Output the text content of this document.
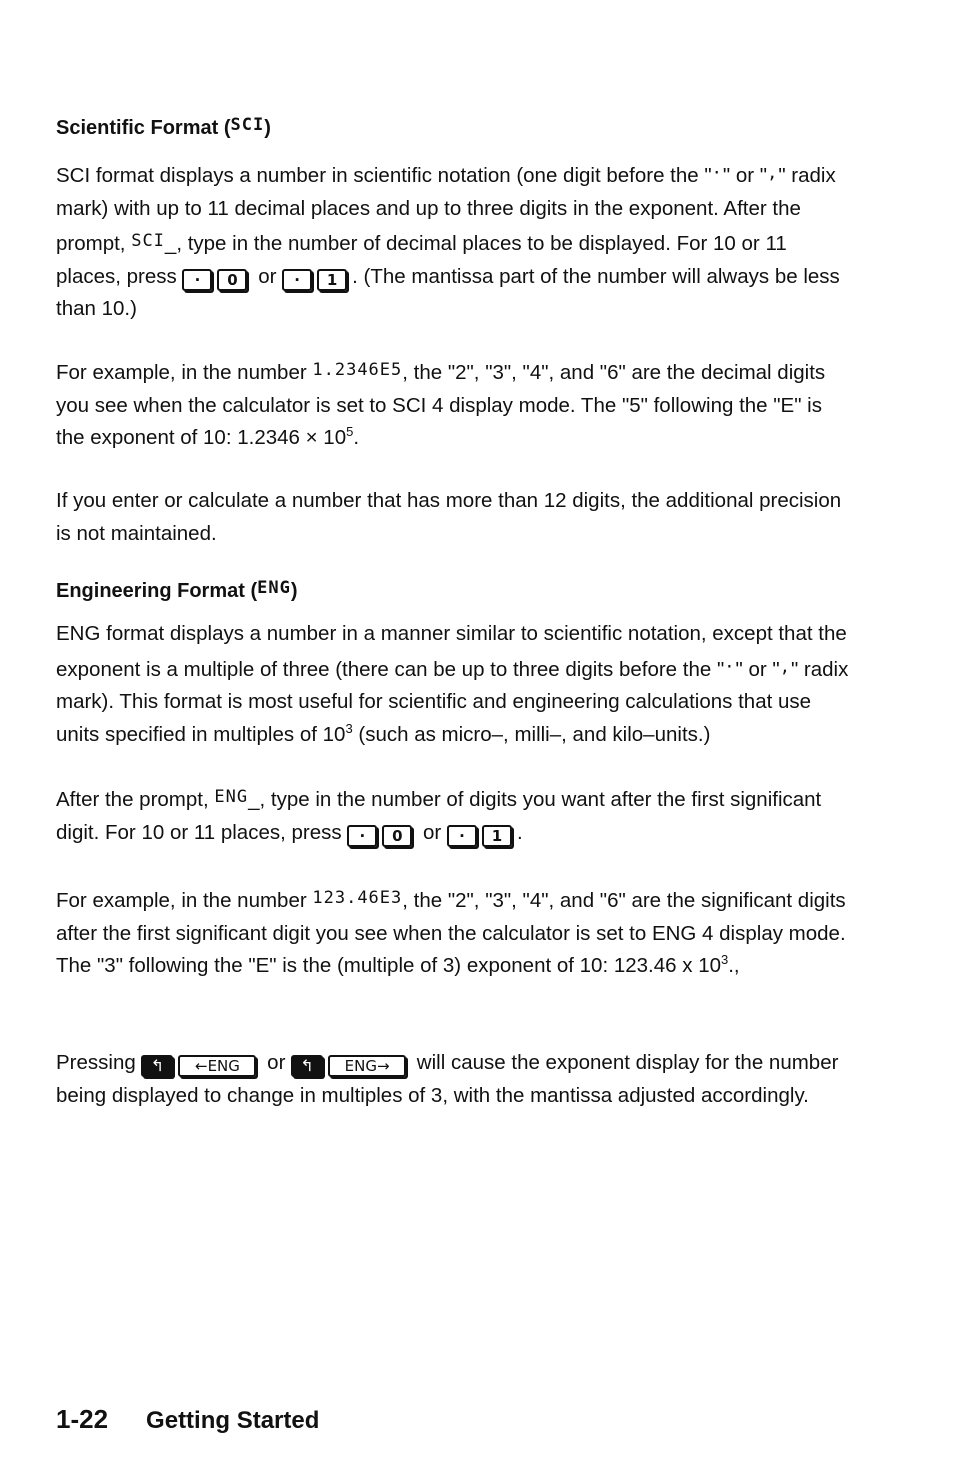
Scientific Format ($^{SCI}$)

SCI format displays a number in scientific notation (one digit before the "·" or "," radix mark) with up to 11 decimal places and up to three digits in the exponent. After the prompt, SCI_, type in the number of decimal places to be displayed. For 10 or 11 places, press · 0 or · 1 . (The mantissa part of the number will always be less than 10.)

For example, in the number 1.2346E5, the "2", "3", "4", and "6" are the decimal digits you see when the calculator is set to SCI 4 display mode. The "5" following the "E" is the exponent of 10: $1.2346 \times 10^5$.

If you enter or calculate a number that has more than 12 digits, the additional precision is not maintained.

Engineering Format ($^{ENG}$)

ENG format displays a number in a manner similar to scientific notation, except that the exponent is a multiple of three (there can be up to three digits before the "·" or "," radix mark). This format is most useful for scientific and engineering calculations that use units specified in multiples of $10^3$ (such as micro–, milli–, and kilo–units.)

After the prompt, ENG_, type in the number of digits you want after the first significant digit. For 10 or 11 places, press · 0 or · 1 .

For example, in the number 123.46E3, the "2", "3", "4", and "6" are the significant digits after the first significant digit you see when the calculator is set to ENG 4 display mode. The "3" following the "E" is the (multiple of 3) exponent of 10: 123.46 x $10^3$.,

Pressing ↰ ←ENG or ↰ ENG→ will cause the exponent display for the number being displayed to change in multiples of 3, with the mantissa adjusted accordingly.

1-22 Getting Started
